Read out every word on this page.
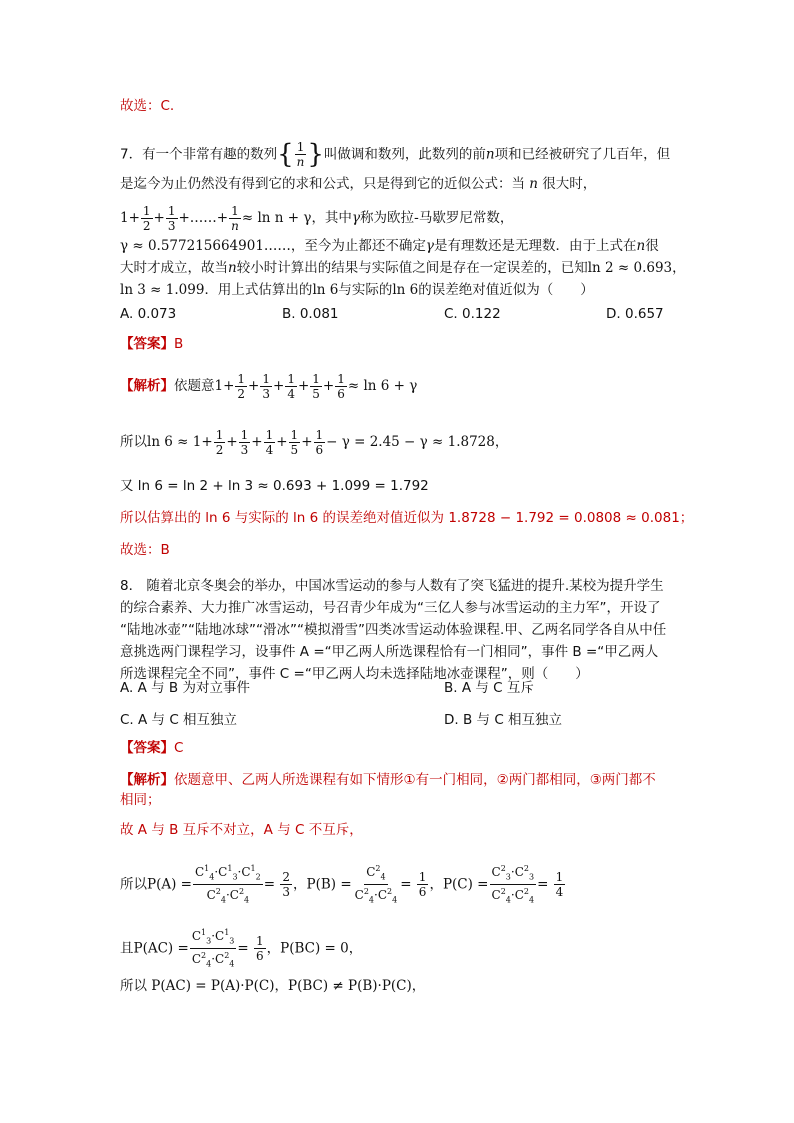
故选：C.
7．有一个非常有趣的数列{ $\frac{1}{n}$ }叫做调和数列，此数列的前n项和已经被研究了几百年，但
是迄今为止仍然没有得到它的求和公式，只是得到它的近似公式：当 n 很大时，
$1+ \frac{1}{2} + \frac{1}{3}$ +……+ $\frac{1}{n} \approx \ln n + \gamma$，其中γ称为欧拉-马歇罗尼常数，
γ ≈ 0.577215664901……，至今为止都还不确定γ是有理数还是无理数．由于上式在n很
大时才成立，故当n较小时计算出的结果与实际值之间是存在一定误差的，已知ln 2 ≈ 0.693，
ln 3 ≈ 1.099．用上式估算出的ln 6与实际的ln 6的误差绝对值近似为（　　）
A. 0.073	B. 0.081	C. 0.122	D. 0.657
【答案】B
【解析】依题意$1+ \frac{1}{2} + \frac{1}{3} + \frac{1}{4} + \frac{1}{5} + \frac{1}{6} \approx \ln 6 + \gamma$
所以$\ln 6 \approx 1+ \frac{1}{2} + \frac{1}{3} + \frac{1}{4} + \frac{1}{5} + \frac{1}{6} - \gamma = 2.45 - \gamma \approx 1.8728$，
又 ln 6 = ln 2 + ln 3 ≈ 0.693 + 1.099 = 1.792
所以估算出的 ln 6 与实际的 ln 6 的误差绝对值近似为 1.8728 − 1.792 = 0.0808 ≈ 0.081；
故选：B
8． 随着北京冬奥会的举办，中国冰雪运动的参与人数有了突飞猛进的提升.某校为提升学生
的综合素养、大力推广冰雪运动，号召青少年成为“三亿人参与冰雪运动的主力军”，开设了
“陆地冰壶”“陆地冰球”“滑冰”“模拟滑雪”四类冰雪运动体验课程.甲、乙两名同学各自从中任
意挑选两门课程学习，设事件 A =“甲乙两人所选课程恰有一门相同”，事件 B =“甲乙两人
所选课程完全不同”，事件 C =“甲乙两人均未选择陆地冰壶课程”，则（　　）
A. A 与 B 为对立事件	B. A 与 C 互斥
C. A 与 C 相互独立	D. B 与 C 相互独立
【答案】C
【解析】依题意甲、乙两人所选课程有如下情形①有一门相同，②两门都相同，③两门都不
相同；
故 A 与 B 互斥不对立，A 与 C 不互斥，
所以$P(A) = \frac{C^1_4\cdot C^1_3\cdot C^1_2}{C^2_4\cdot C^2_4} = \frac{2}{3}$ ，$P(B) = \frac{C^2_4}{C^2_4\cdot C^2_4} = \frac{1}{6}$ ，$P(C) = \frac{C^2_3\cdot C^2_3}{C^2_4\cdot C^2_4} = \frac{1}{4}$
且$P(AC) = \frac{C^1_3\cdot C^1_3}{C^2_4\cdot C^2_4} = \frac{1}{6}$ ，P(BC) = 0，
所以 P(AC) = P(A)·P(C)，P(BC) ≠ P(B)·P(C)，
